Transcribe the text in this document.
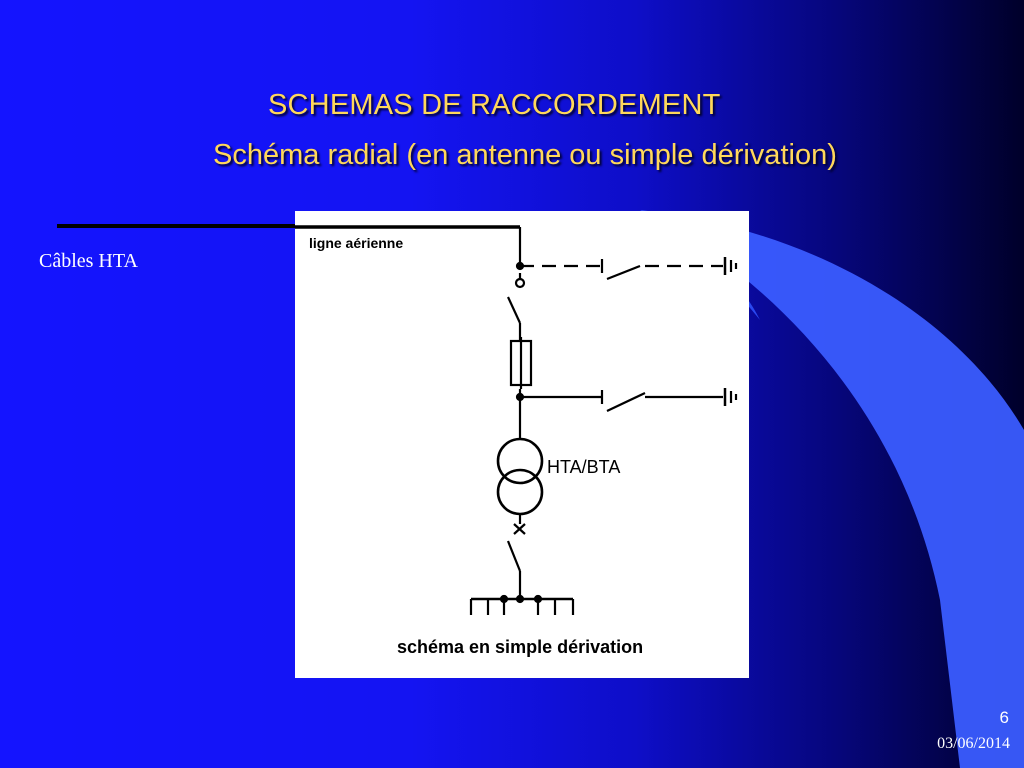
SCHEMAS DE RACCORDEMENT
Schéma radial (en antenne ou simple dérivation)
Câbles HTA
ligne aérienne
HTA/BTA
schéma en simple dérivation
6
03/06/2014
